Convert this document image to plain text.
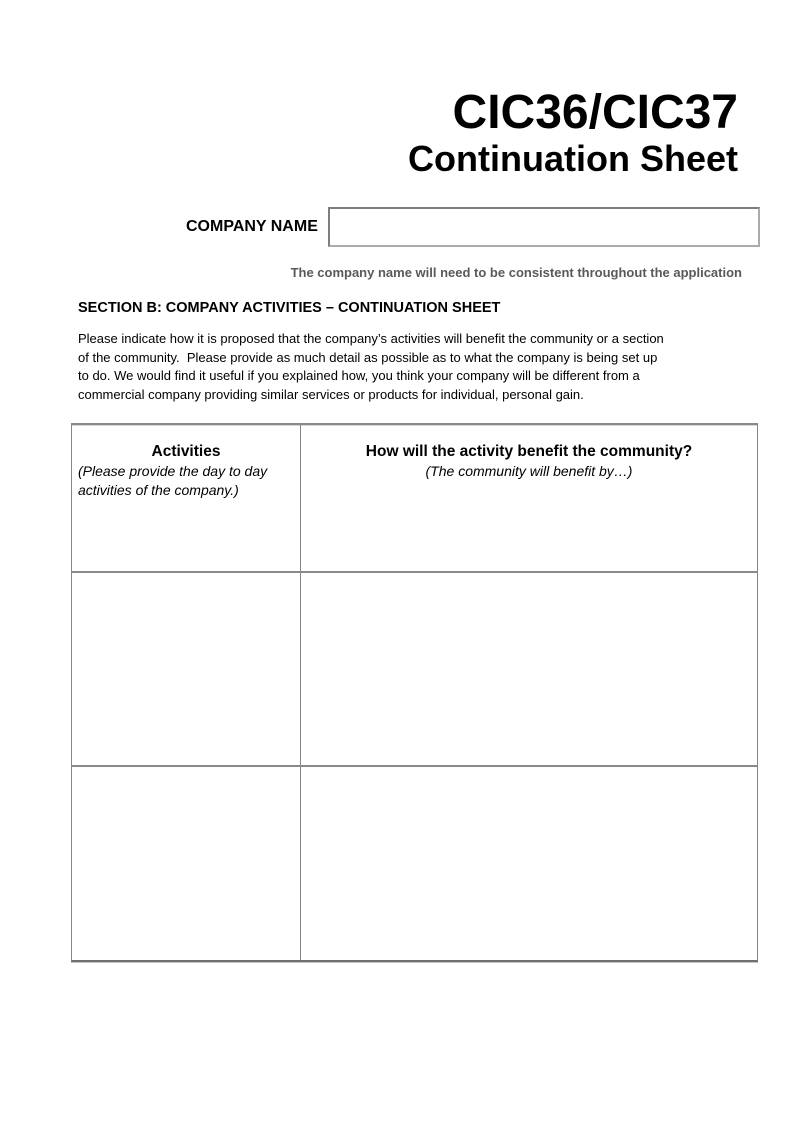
CIC36/CIC37
Continuation Sheet
COMPANY NAME
The company name will need to be consistent throughout the application
SECTION B: COMPANY ACTIVITIES – CONTINUATION SHEET
Please indicate how it is proposed that the company’s activities will benefit the community or a section
of the community.  Please provide as much detail as possible as to what the company is being set up
to do. We would find it useful if you explained how, you think your company will be different from a
commercial company providing similar services or products for individual, personal gain.
Activities
(Please provide the day to day
activities of the company.)
How will the activity benefit the community?
(The community will benefit by…)
